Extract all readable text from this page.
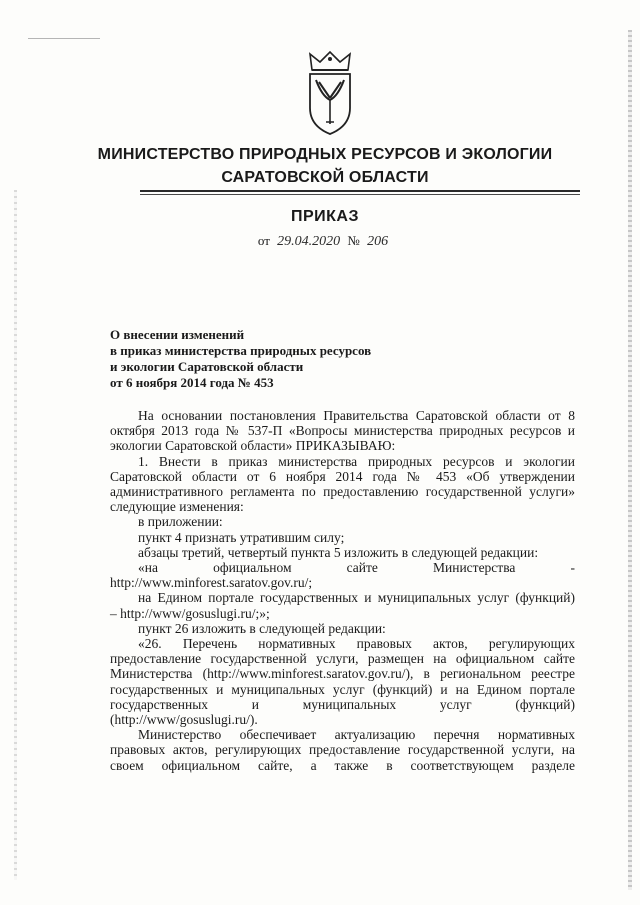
МИНИСТЕРСТВО ПРИРОДНЫХ РЕСУРСОВ И ЭКОЛОГИИ
САРАТОВСКОЙ ОБЛАСТИ
ПРИКАЗ
от 29.04.2020 № 206
О внесении изменений
в приказ министерства природных ресурсов
и экологии Саратовской области
от 6 ноября 2014 года № 453
На основании постановления Правительства Саратовской области от 8
октября 2013 года № 537-П «Вопросы министерства природных ресурсов и
экологии Саратовской области» ПРИКАЗЫВАЮ:
1. Внести в приказ министерства природных ресурсов и экологии
Саратовской области от 6 ноября 2014 года № 453 «Об утверждении
административного регламента по предоставлению государственной услуги»
следующие изменения:
в приложении:
пункт 4 признать утратившим силу;
абзацы третий, четвертый пункта 5 изложить в следующей редакции:
«на официальном сайте Министерства -
http://www.minforest.saratov.gov.ru/;
на Едином портале государственных и муниципальных услуг (функций)
– http://www/gosuslugi.ru/;»;
пункт 26 изложить в следующей редакции:
«26. Перечень нормативных правовых актов, регулирующих
предоставление государственной услуги, размещен на официальном сайте
Министерства (http://www.minforest.saratov.gov.ru/), в региональном реестре
государственных и муниципальных услуг (функций) и на Едином портале
государственных и муниципальных услуг (функций)
(http://www/gosuslugi.ru/).
Министерство обеспечивает актуализацию перечня нормативных
правовых актов, регулирующих предоставление государственной услуги, на
своем официальном сайте, а также в соответствующем разделе
